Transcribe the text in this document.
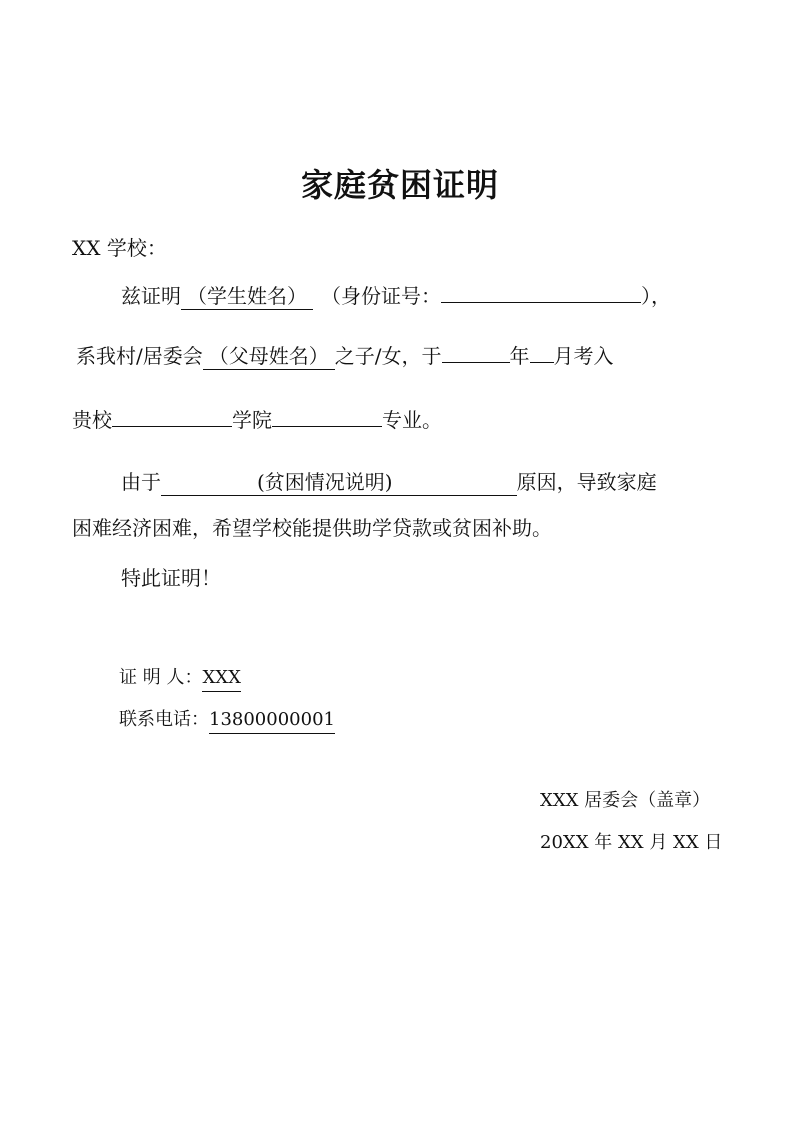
家庭贫困证明
XX 学校：
兹证明 （学生姓名） （身份证号：	），
系我村/居委会 （父母姓名） 之子/女，于	年 月考入
贵校	学院	专业。
由于	(贫困情况说明)	原因，导致家庭
困难经济困难，希望学校能提供助学贷款或贫困补助。
特此证明！
证 明 人：XXX
联系电话：13800000001
XXX 居委会（盖章）
20XX 年 XX 月 XX 日
